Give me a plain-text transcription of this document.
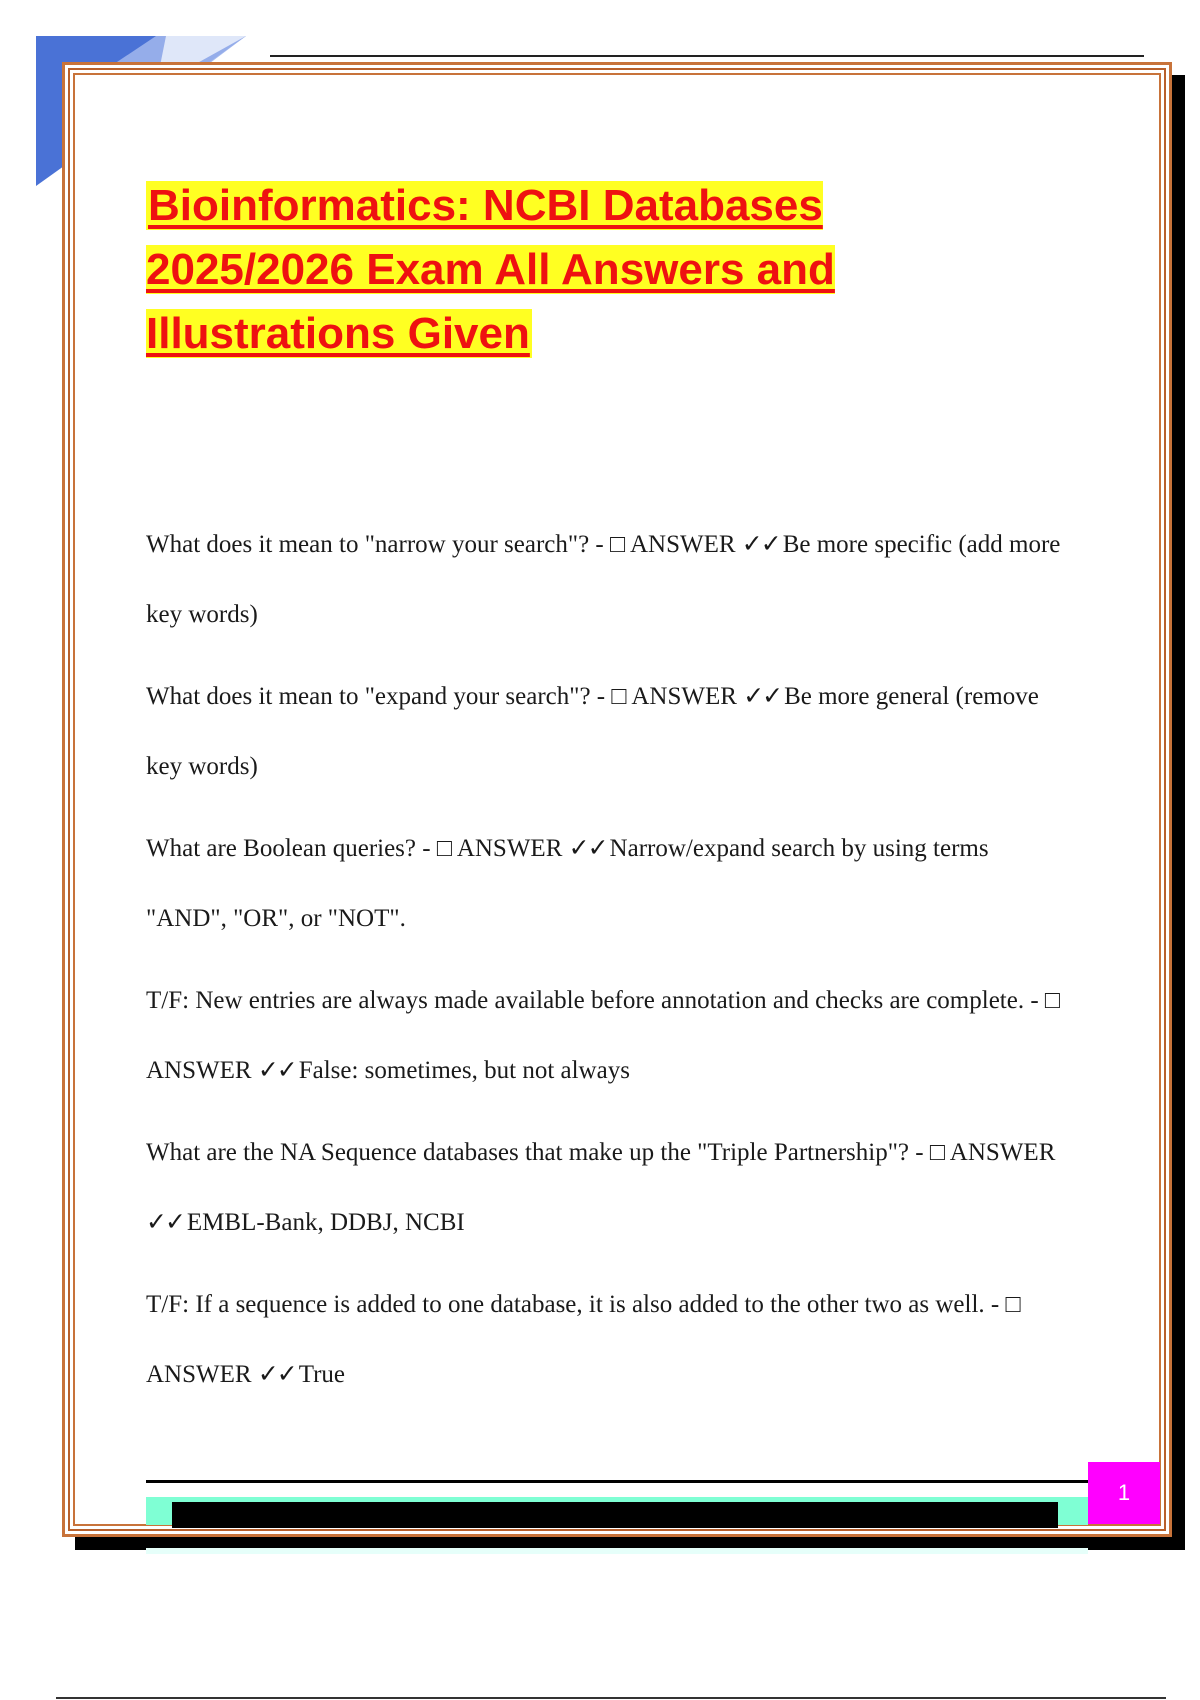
Bioinformatics: NCBI Databases 2025/2026 Exam All Answers and Illustrations Given

What does it mean to "narrow your search"? - □ ANSWER ✓✓ Be more specific (add more key words)

What does it mean to "expand your search"? - □ ANSWER ✓✓ Be more general (remove key words)

What are Boolean queries? - □ ANSWER ✓✓ Narrow/expand search by using terms "AND", "OR", or "NOT".

T/F: New entries are always made available before annotation and checks are complete. - □ ANSWER ✓✓ False: sometimes, but not always

What are the NA Sequence databases that make up the "Triple Partnership"? - □ ANSWER ✓✓ EMBL-Bank, DDBJ, NCBI

T/F: If a sequence is added to one database, it is also added to the other two as well. - □ ANSWER ✓✓ True

1
